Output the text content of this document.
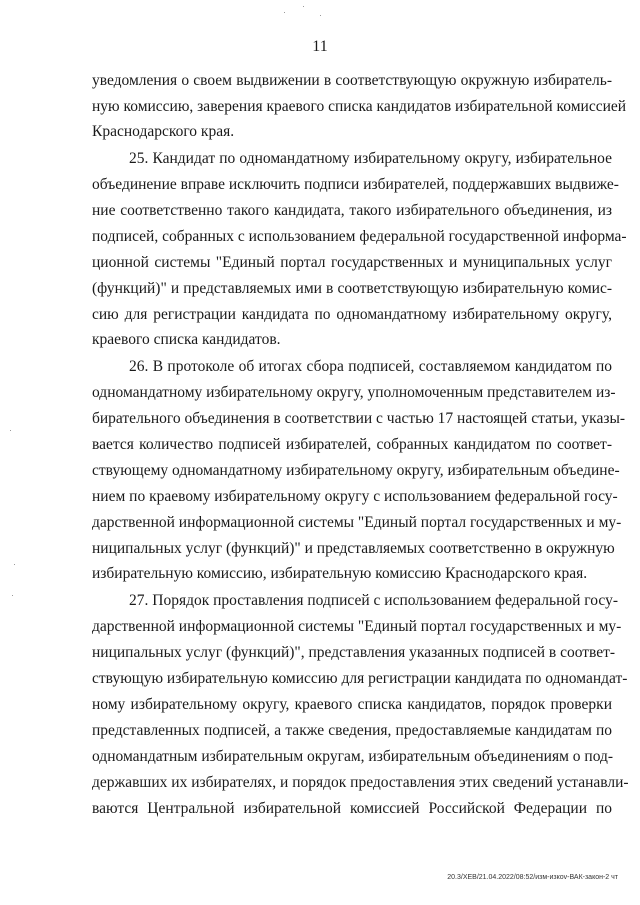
11
уведомления о своем выдвижении в соответствующую окружную избиратель-
ную комиссию, заверения краевого списка кандидатов избирательной комиссией
Краснодарского края.
25. Кандидат по одномандатному избирательному округу, избирательное
объединение вправе исключить подписи избирателей, поддержавших выдвиже-
ние соответственно такого кандидата, такого избирательного объединения, из
подписей, собранных с использованием федеральной государственной информа-
ционной системы "Единый портал государственных и муниципальных услуг
(функций)" и представляемых ими в соответствующую избирательную комис-
сию для регистрации кандидата по одномандатному избирательному округу,
краевого списка кандидатов.
26. В протоколе об итогах сбора подписей, составляемом кандидатом по
одномандатному избирательному округу, уполномоченным представителем из-
бирательного объединения в соответствии с частью 17 настоящей статьи, указы-
вается количество подписей избирателей, собранных кандидатом по соответ-
ствующему одномандатному избирательному округу, избирательным объедине-
нием по краевому избирательному округу с использованием федеральной госу-
дарственной информационной системы "Единый портал государственных и му-
ниципальных услуг (функций)" и представляемых соответственно в окружную
избирательную комиссию, избирательную комиссию Краснодарского края.
27. Порядок проставления подписей с использованием федеральной госу-
дарственной информационной системы "Единый портал государственных и му-
ниципальных услуг (функций)", представления указанных подписей в соответ-
ствующую избирательную комиссию для регистрации кандидата по одномандат-
ному избирательному округу, краевого списка кандидатов, порядок проверки
представленных подписей, а также сведения, предоставляемые кандидатам по
одномандатным избирательным округам, избирательным объединениям о под-
державших их избирателях, и порядок предоставления этих сведений устанавли-
ваются Центральной избирательной комиссией Российской Федерации по
20.3/ХЕВ/21.04.2022/08:52/изм-изкоv-ВАК-закон-2 чт
